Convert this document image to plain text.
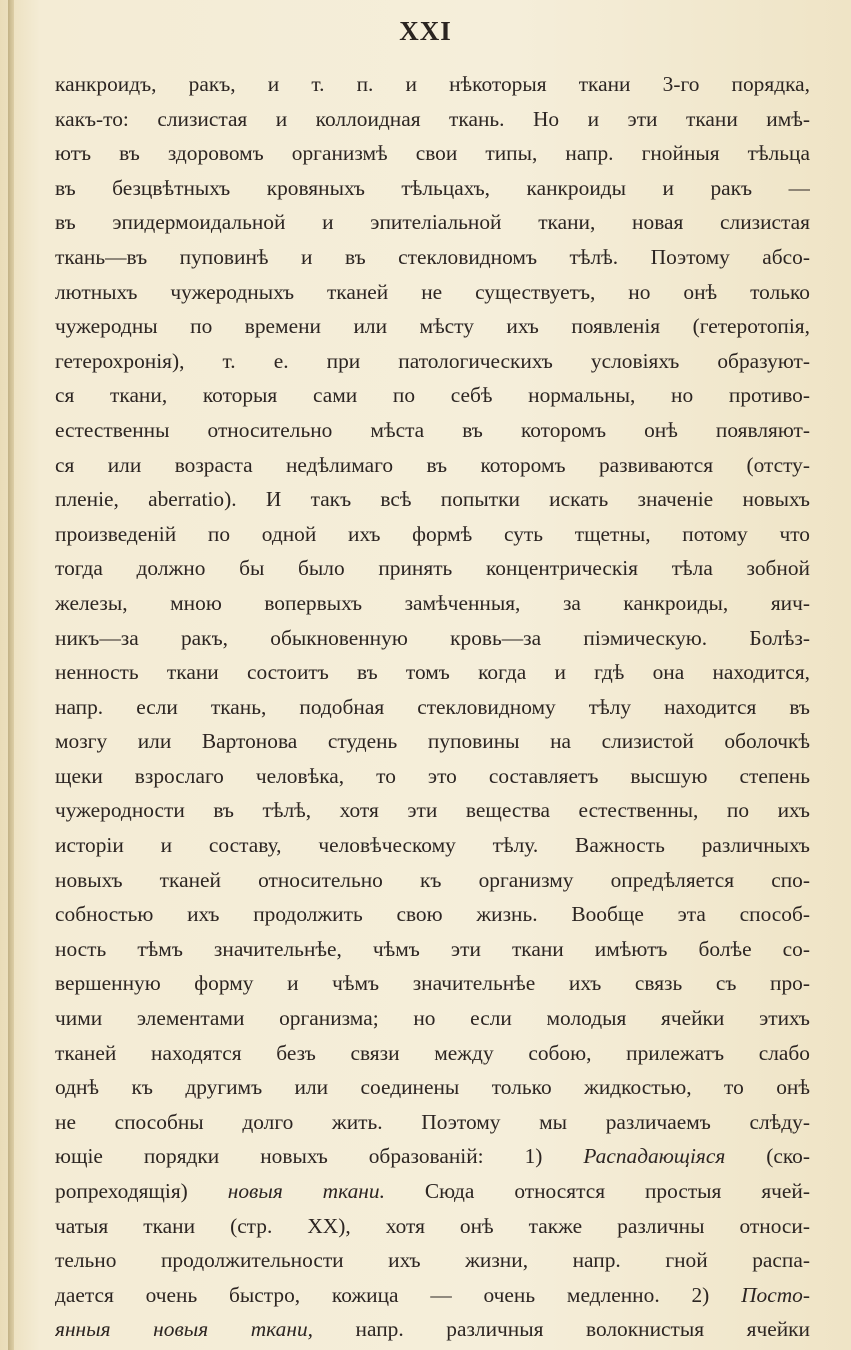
XXI
канкроидъ, ракъ, и т. п. и нѣкоторыя ткани 3-го порядка,
какъ-то: слизистая и коллоидная ткань. Но и эти ткани имѣ-
ютъ въ здоровомъ организмѣ свои типы, напр. гнойныя тѣльца
въ безцвѣтныхъ кровяныхъ тѣльцахъ, канкроиды и ракъ —
въ эпидермоидальной и эпителіальной ткани, новая слизистая
ткань—въ пуповинѣ и въ стекловидномъ тѣлѣ. Поэтому абсо-
лютныхъ чужеродныхъ тканей не существуетъ, но онѣ только
чужеродны по времени или мѣсту ихъ появленія (гетеротопія,
гетерохронія), т. е. при патологическихъ условіяхъ образуют-
ся ткани, которыя сами по себѣ нормальны, но противо-
естественны относительно мѣста въ которомъ онѣ появляют-
ся или возраста недѣлимаго въ которомъ развиваются (отсту-
пленіе, aberratio). И такъ всѣ попытки искать значеніе новыхъ
произведеній по одной ихъ формѣ суть тщетны, потому что
тогда должно бы было принять концентрическія тѣла зобной
железы, мною вопервыхъ замѣченныя, за канкроиды, яич-
никъ—за ракъ, обыкновенную кровь—за піэмическую. Болѣз-
ненность ткани состоитъ въ томъ когда и гдѣ она находится,
напр. если ткань, подобная стекловидному тѣлу находится въ
мозгу или Вартонова студень пуповины на слизистой оболочкѣ
щеки взрослаго человѣка, то это составляетъ высшую степень
чужеродности въ тѣлѣ, хотя эти вещества естественны, по ихъ
исторіи и составу, человѣческому тѣлу. Важность различныхъ
новыхъ тканей относительно къ организму опредѣляется спо-
собностью ихъ продолжить свою жизнь. Вообще эта способ-
ность тѣмъ значительнѣе, чѣмъ эти ткани имѣютъ болѣе со-
вершенную форму и чѣмъ значительнѣе ихъ связь съ про-
чими элементами организма; но если молодыя ячейки этихъ
тканей находятся безъ связи между собою, прилежатъ слабо
однѣ къ другимъ или соединены только жидкостью, то онѣ
не способны долго жить. Поэтому мы различаемъ слѣду-
ющіе порядки новыхъ образованій: 1) Распадающіяся (ско-
ропреходящія) новыя ткани. Сюда относятся простыя ячей-
чатыя ткани (стр. XX), хотя онѣ также различны относи-
тельно продолжительности ихъ жизни, напр. гной распа-
дается очень быстро, кожица — очень медленно. 2) Посто-
янныя новыя ткани, напр. различныя волокнистыя ячейки
